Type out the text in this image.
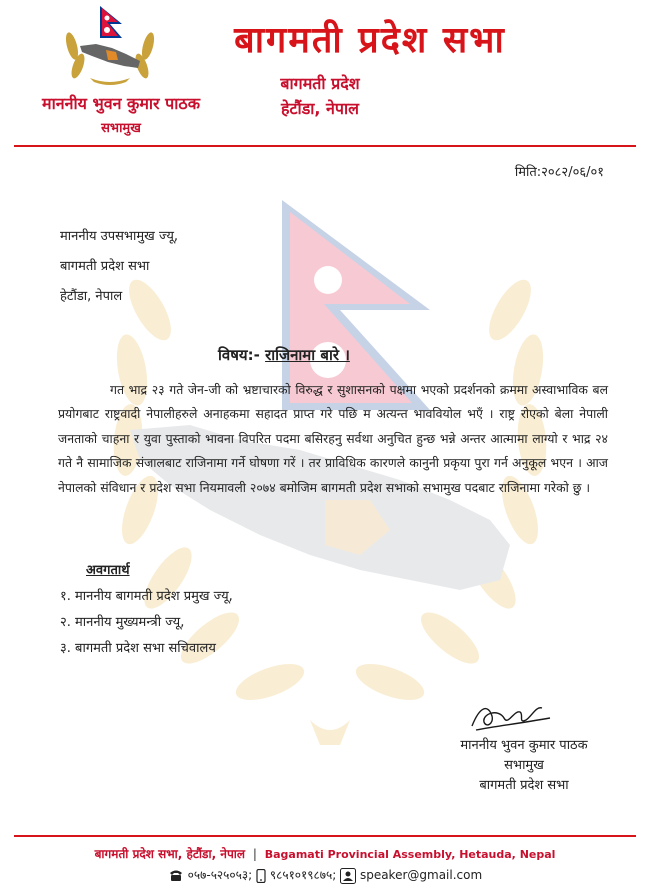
माननीय भुवन कुमार पाठक
सभामुख
बागमती प्रदेश सभा
बागमती प्रदेश
हेटौंडा, नेपाल
मिति:२०८२/०६/०१
माननीय उपसभामुख ज्यू,
बागमती प्रदेश सभा
हेटौंडा, नेपाल
विषय:- राजिनामा बारे ।

गत भाद्र २३ गते जेन-जी को भ्रष्टाचारको विरुद्ध र सुशासनको पक्षमा भएको प्रदर्शनको क्रममा अस्वाभाविक बल प्रयोगबाट राष्ट्रवादी नेपालीहरुले अनाहकमा सहादत प्राप्त गरे पछि म अत्यन्त भाववियोल भएँ । राष्ट्र रोएको बेला नेपाली जनताको चाहना र युवा पुस्ताको भावना विपरित पदमा बसिरहनु सर्वथा अनुचित हुन्छ भन्ने अन्तर आत्मामा लाग्यो र भाद्र २४ गते नै सामाजिक संजालबाट राजिनामा गर्ने घोषणा गरें । तर प्राविधिक कारणले कानुनी प्रकृया पुरा गर्न अनुकूल भएन । आज नेपालको संविधान र प्रदेश सभा नियमावली २०७४ बमोजिम बागमती प्रदेश सभाको सभामुख पदबाट राजिनामा गरेको छु ।

अवगतार्थ
१. माननीय बागमती प्रदेश प्रमुख ज्यू,
२. माननीय मुख्यमन्त्री ज्यू,
३. बागमती प्रदेश सभा सचिवालय
माननीय भुवन कुमार पाठक
सभामुख
बागमती प्रदेश सभा
बागमती प्रदेश सभा, हेटौंडा, नेपाल | Bagamati Provincial Assembly, Hetauda, Nepal
०५७-५२५०५३; ९८५१०१९८७५; speaker@gmail.com
